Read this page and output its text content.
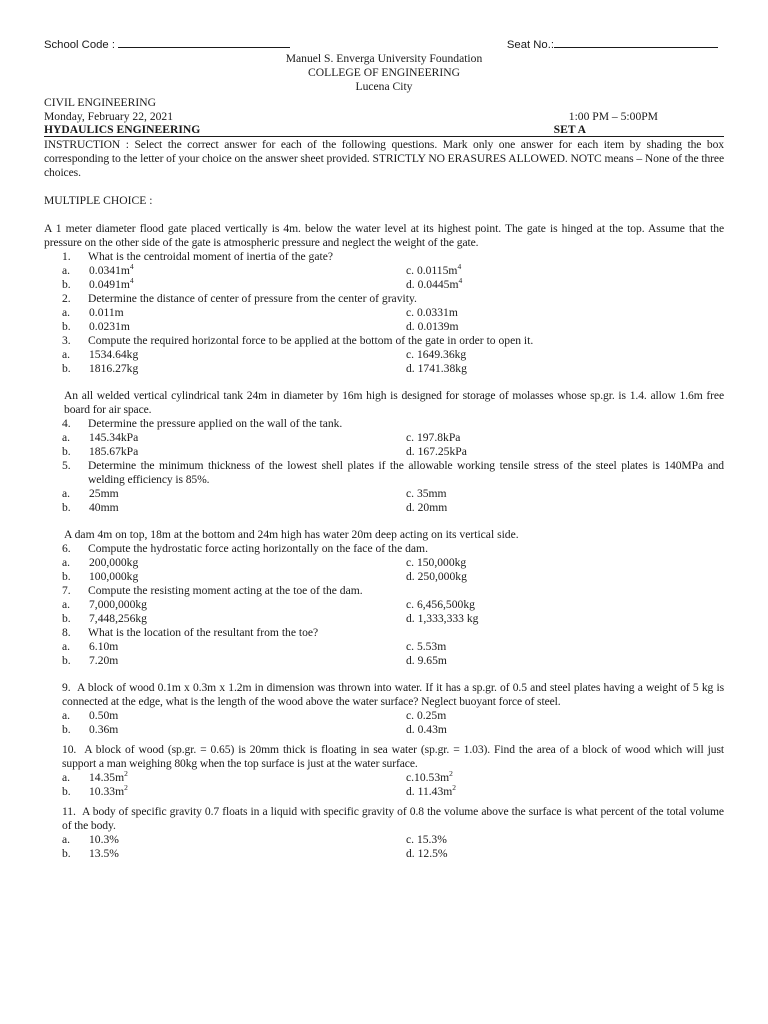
School Code :	Seat No.:
Manuel S. Enverga University Foundation
COLLEGE OF ENGINEERING
Lucena City
CIVIL ENGINEERING
Monday, February 22, 2021	1:00 PM – 5:00PM
HYDAULICS ENGINEERING	SET A
INSTRUCTION : Select the correct answer for each of the following questions. Mark only one answer for each item by shading the box corresponding to the letter of your choice on the answer sheet provided. STRICTLY NO ERASURES ALLOWED. NOTC means – None of the three choices.
MULTIPLE CHOICE :
A 1 meter diameter flood gate placed vertically is 4m. below the water level at its highest point. The gate is hinged at the top. Assume that the pressure on the other side of the gate is atmospheric pressure and neglect the weight of the gate.
1.	What is the centroidal moment of inertia of the gate?
a.	$0.0341m^4$	c. $0.0115m^4$
b.	$0.0491m^4$	d. $0.0445m^4$
2.	Determine the distance of center of pressure from the center of gravity.
a.	0.011m	c. 0.0331m
b.	0.0231m	d. 0.0139m
3.	Compute the required horizontal force to be applied at the bottom of the gate in order to open it.
a.	1534.64kg	c. 1649.36kg
b.	1816.27kg	d. 1741.38kg
An all welded vertical cylindrical tank 24m in diameter by 16m high is designed for storage of molasses whose sp.gr. is 1.4. allow 1.6m free board for air space.
4.	Determine the pressure applied on the wall of the tank.
a.	145.34kPa	c. 197.8kPa
b.	185.67kPa	d. 167.25kPa
5.	Determine the minimum thickness of the lowest shell plates if the allowable working tensile stress of the steel plates is 140MPa and welding efficiency is 85%.
a.	25mm	c. 35mm
b.	40mm	d. 20mm
A dam 4m on top, 18m at the bottom and 24m high has water 20m deep acting on its vertical side.
6.	Compute the hydrostatic force acting horizontally on the face of the dam.
a.	200,000kg	c. 150,000kg
b.	100,000kg	d. 250,000kg
7.	Compute the resisting moment acting at the toe of the dam.
a.	7,000,000kg	c. 6,456,500kg
b.	7,448,256kg	d. 1,333,333 kg
8.	What is the location of the resultant from the toe?
a.	6.10m	c. 5.53m
b.	7.20m	d. 9.65m
9. A block of wood 0.1m x 0.3m x 1.2m in dimension was thrown into water. If it has a sp.gr. of 0.5 and steel plates having a weight of 5 kg is connected at the edge, what is the length of the wood above the water surface? Neglect buoyant force of steel.
a.	0.50m	c. 0.25m
b.	0.36m	d. 0.43m
10. A block of wood (sp.gr. = 0.65) is 20mm thick is floating in sea water (sp.gr. = 1.03). Find the area of a block of wood which will just support a man weighing 80kg when the top surface is just at the water surface.
a.	$14.35m^2$	$c.10.53m^2$
b.	$10.33m^2$	d. $11.43m^2$
11. A body of specific gravity 0.7 floats in a liquid with specific gravity of 0.8 the volume above the surface is what percent of the total volume of the body.
a.	10.3%	c. 15.3%
b.	13.5%	d. 12.5%
